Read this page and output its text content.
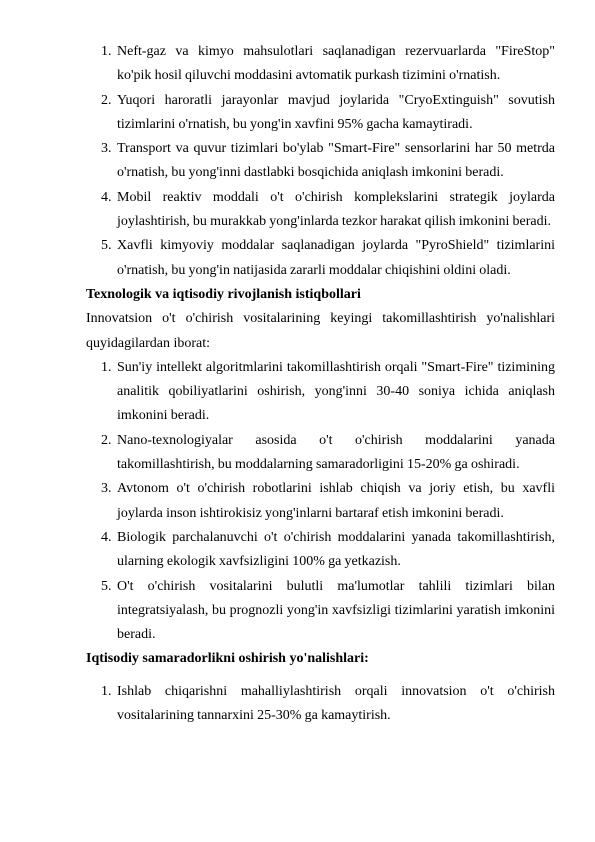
1. Neft-gaz va kimyo mahsulotlari saqlanadigan rezervuarlarda "FireStop" ko'pik hosil qiluvchi moddasini avtomatik purkash tizimini o'rnatish.
2. Yuqori haroratli jarayonlar mavjud joylarida "CryoExtinguish" sovutish tizimlarini o'rnatish, bu yong'in xavfini 95% gacha kamaytiradi.
3. Transport va quvur tizimlari bo'ylab "Smart-Fire" sensorlarini har 50 metrda o'rnatish, bu yong'inni dastlabki bosqichida aniqlash imkonini beradi.
4. Mobil reaktiv moddali o't o'chirish komplekslarini strategik joylarda joylashtirish, bu murakkab yong'inlarda tezkor harakat qilish imkonini beradi.
5. Xavfli kimyoviy moddalar saqlanadigan joylarda "PyroShield" tizimlarini o'rnatish, bu yong'in natijasida zararli moddalar chiqishini oldini oladi.
Texnologik va iqtisodiy rivojlanish istiqbollari
Innovatsion o't o'chirish vositalarining keyingi takomillashtirish yo'nalishlari quyidagilardan iborat:
1. Sun'iy intellekt algoritmlarini takomillashtirish orqali "Smart-Fire" tizimining analitik qobiliyatlarini oshirish, yong'inni 30-40 soniya ichida aniqlash imkonini beradi.
2. Nano-texnologiyalar asosida o't o'chirish moddalarini yanada takomillashtirish, bu moddalarning samaradorligini 15-20% ga oshiradi.
3. Avtonom o't o'chirish robotlarini ishlab chiqish va joriy etish, bu xavfli joylarda inson ishtirokisiz yong'inlarni bartaraf etish imkonini beradi.
4. Biologik parchalanuvchi o't o'chirish moddalarini yanada takomillashtirish, ularning ekologik xavfsizligini 100% ga yetkazish.
5. O't o'chirish vositalarini bulutli ma'lumotlar tahlili tizimlari bilan integratsiyalash, bu prognozli yong'in xavfsizligi tizimlarini yaratish imkonini beradi.
Iqtisodiy samaradorlikni oshirish yo'nalishlari:
1. Ishlab chiqarishni mahalliylashtirish orqali innovatsion o't o'chirish vositalarining tannarxini 25-30% ga kamaytirish.
